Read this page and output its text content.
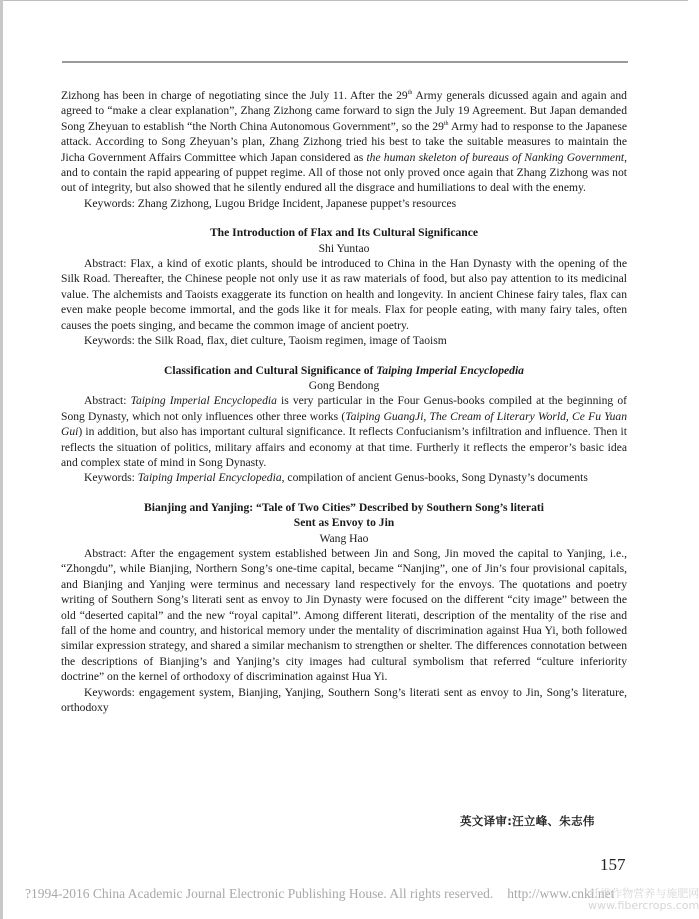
Zizhong has been in charge of negotiating since the July 11. After the 29th Army generals dicussed again and again and agreed to “make a clear explanation”, Zhang Zizhong came forward to sign the July 19 Agreement. But Japan demanded Song Zheyuan to establish “the North China Autonomous Government”, so the 29th Army had to response to the Japanese attack. According to Song Zheyuan’s plan, Zhang Zizhong tried his best to take the suitable measures to maintain the Jicha Government Affairs Committee which Japan considered as the human skeleton of bureaus of Nanking Government, and to contain the rapid appearing of puppet regime. All of those not only proved once again that Zhang Zizhong was not out of integrity, but also showed that he silently endured all the disgrace and humiliations to deal with the enemy.

Keywords: Zhang Zizhong, Lugou Bridge Incident, Japanese puppet’s resources

The Introduction of Flax and Its Cultural Significance

Shi Yuntao

Abstract: Flax, a kind of exotic plants, should be introduced to China in the Han Dynasty with the opening of the Silk Road. Thereafter, the Chinese people not only use it as raw materials of food, but also pay attention to its medicinal value. The alchemists and Taoists exaggerate its function on health and longevity. In ancient Chinese fairy tales, flax can even make people become immortal, and the gods like it for meals. Flax for people eating, with many fairy tales, often causes the poets singing, and became the common image of ancient poetry.

Keywords: the Silk Road, flax, diet culture, Taoism regimen, image of Taoism

Classification and Cultural Significance of Taiping Imperial Encyclopedia

Gong Bendong

Abstract: Taiping Imperial Encyclopedia is very particular in the Four Genus-books compiled at the beginning of Song Dynasty, which not only influences other three works (Taiping GuangJi, The Cream of Literary World, Ce Fu Yuan Gui) in addition, but also has important cultural significance. It reflects Confucianism’s infiltration and influence. Then it reflects the situation of politics, military affairs and economy at that time. Furtherly it reflects the emperor’s basic idea and complex state of mind in Song Dynasty.

Keywords: Taiping Imperial Encyclopedia, compilation of ancient Genus-books, Song Dynasty’s documents

Bianjing and Yanjing: “Tale of Two Cities” Described by Southern Song’s literati

Sent as Envoy to Jin

Wang Hao

Abstract: After the engagement system established between Jin and Song, Jin moved the capital to Yanjing, i.e., “Zhongdu”, while Bianjing, Northern Song’s one-time capital, became “Nanjing”, one of Jin’s four provisional capitals, and Bianjing and Yanjing were terminus and necessary land respectively for the envoys. The quotations and poetry writing of Southern Song’s literati sent as envoy to Jin Dynasty were focused on the different “city image” between the old “deserted capital” and the new “royal capital”. Among different literati, description of the mentality of the rise and fall of the home and country, and historical memory under the mentality of discrimination against Hua Yi, both followed similar expression strategy, and shared a similar mechanism to strengthen or shelter. The differences connotation between the descriptions of Bianjing’s and Yanjing’s city images had cultural symbolism that referred “culture inferiority doctrine” on the kernel of orthodoxy of discrimination against Hua Yi.

Keywords: engagement system, Bianjing, Yanjing, Southern Song’s literati sent as envoy to Jin, Song’s literature, orthodoxy

英文译审:汪立峰、朱志伟
157
?1994-2016 China Academic Journal Electronic Publishing House. All rights reserved. http://www.cnki.net
纤维作物营养与施肥网
www.fibercrops.com
